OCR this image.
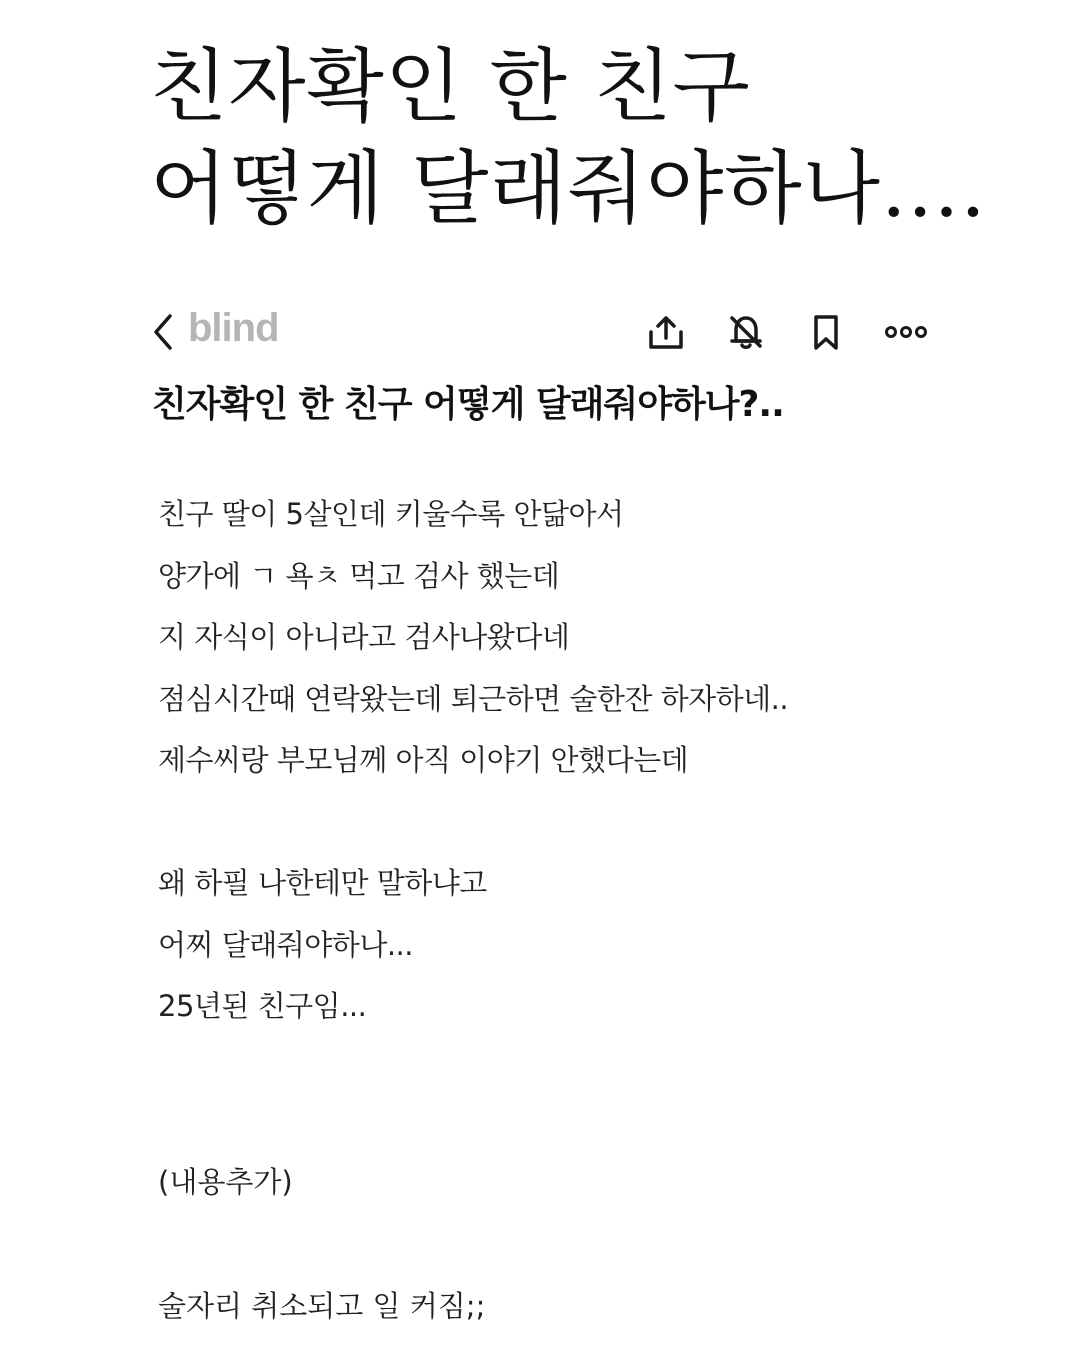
친자확인 한 친구
어떻게 달래줘야하나....
blind
친자확인 한 친구 어떻게 달래줘야하나?..
친구 딸이 5살인데 키울수록 안닮아서
양가에 ㄱ 욕ㅊ 먹고 검사 했는데
지 자식이 아니라고 검사나왔다네
점심시간때 연락왔는데 퇴근하면 술한잔 하자하네..
제수씨랑 부모님께 아직 이야기 안했다는데
왜 하필 나한테만 말하냐고
어찌 달래줘야하나...
25년된 친구임...
(내용추가)
술자리 취소되고 일 커짐;;
